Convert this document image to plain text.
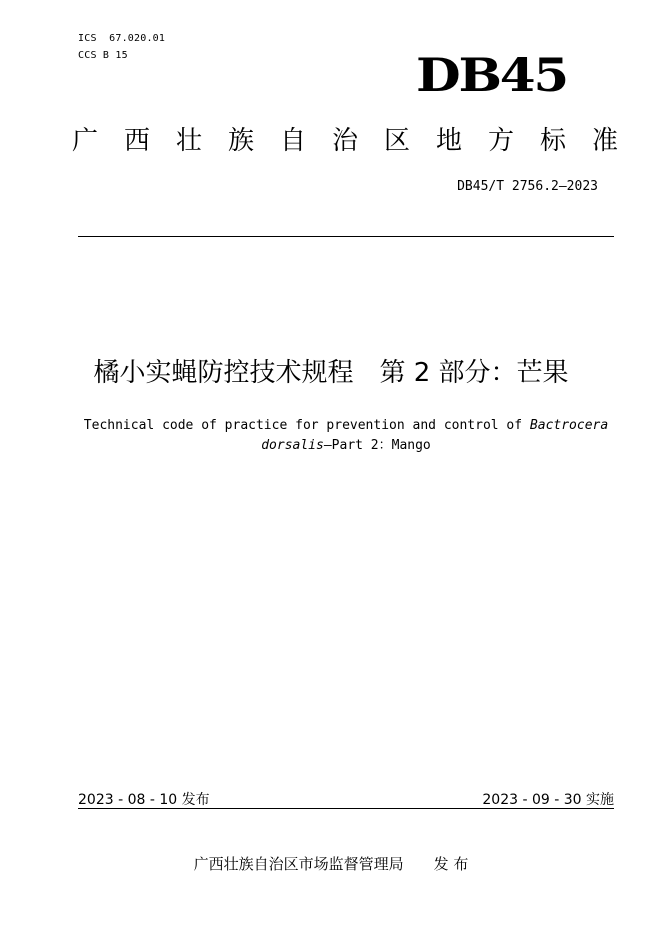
ICS 67.020.01
CCS B 15	DB45
广西壮族自治区地方标准
DB45/T 2756.2—2023
橘小实蝇防控技术规程　第 2 部分：芒果
Technical code of practice for prevention and control of Bactrocera
dorsalis—Part 2：Mango
2023 - 08 - 10 发布	2023 - 09 - 30 实施
广西壮族自治区市场监督管理局 发 布
